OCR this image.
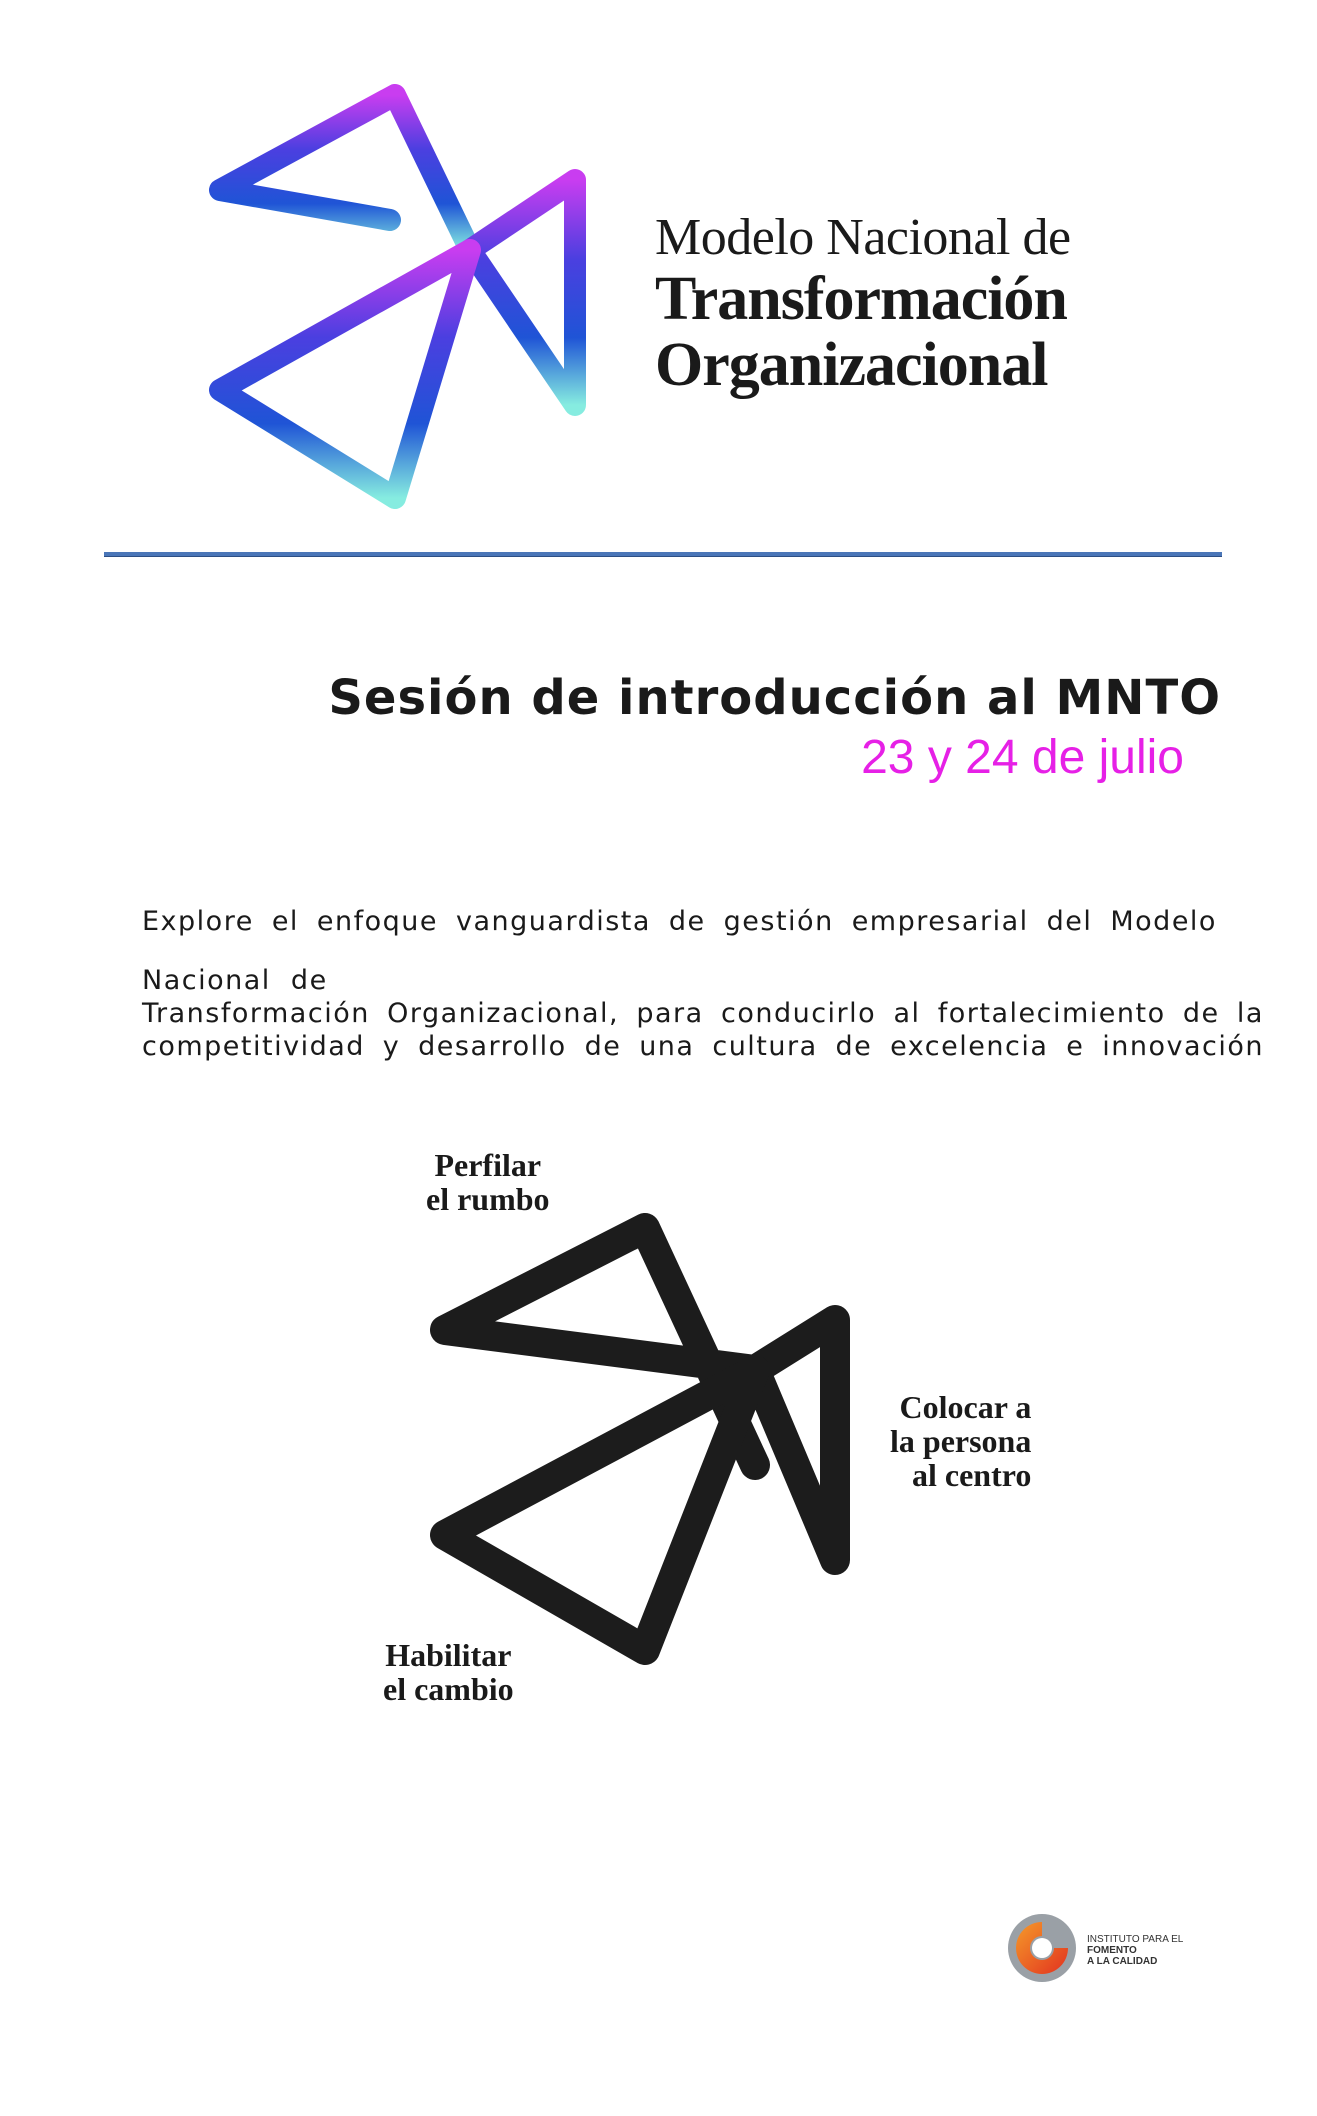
Modelo Nacional de
Transformación
Organizacional
Sesión de introducción al MNTO
23 y 24 de julio
Explore el enfoque vanguardista de gestión empresarial del Modelo
Nacional  de
Transformación Organizacional, para conducirlo al fortalecimiento de la
competitividad y desarrollo de una cultura de excelencia e innovación
Perfilar
el rumbo
Colocar a
la persona
al centro
Habilitar
el cambio
INSTITUTO PARA EL
FOMENTO
A LA CALIDAD
